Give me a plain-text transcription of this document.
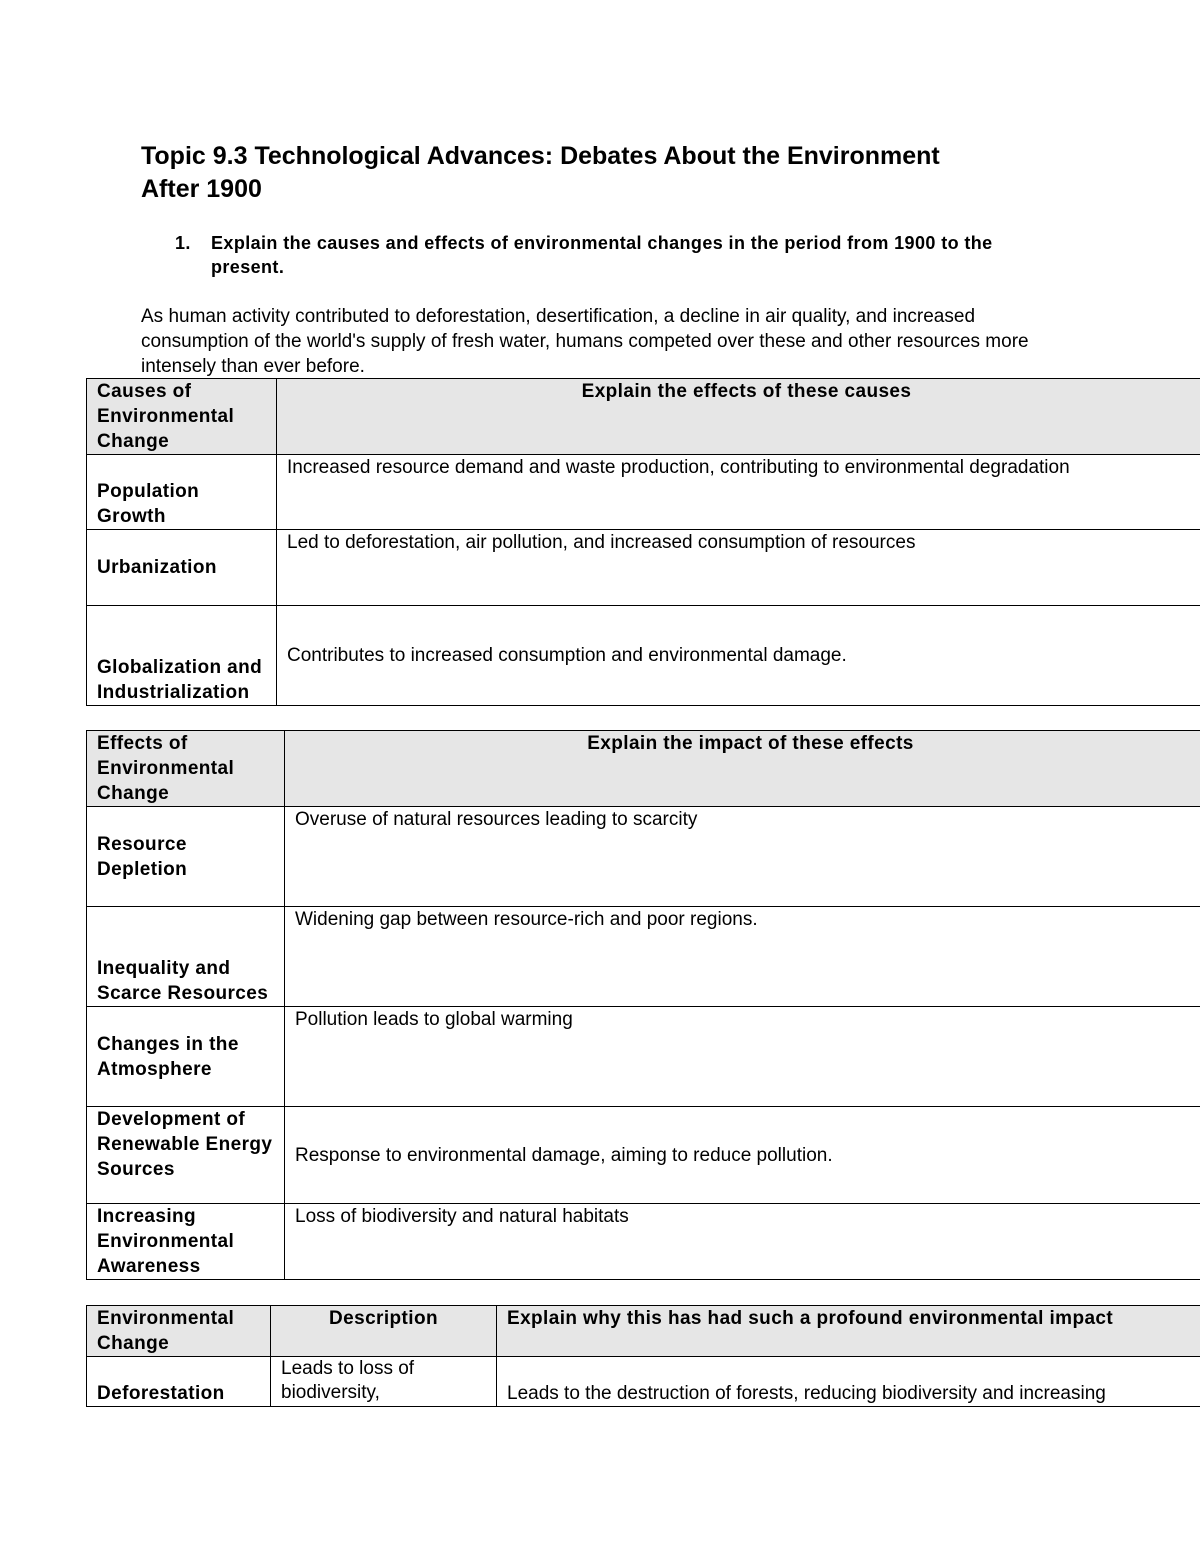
Topic 9.3 Technological Advances: Debates About the Environment
After 1900
1. Explain the causes and effects of environmental changes in the period from 1900 to the present.

As human activity contributed to deforestation, desertification, a decline in air quality, and increased consumption of the world's supply of fresh water, humans competed over these and other resources more intensely than ever before.

Causes of Environmental Change	Explain the effects of these causes
Population Growth	Increased resource demand and waste production, contributing to environmental degradation
Urbanization	Led to deforestation, air pollution, and increased consumption of resources
Globalization and Industrialization	Contributes to increased consumption and environmental damage.
Effects of Environmental Change	Explain the impact of these effects
Resource Depletion	Overuse of natural resources leading to scarcity
Inequality and Scarce Resources	Widening gap between resource-rich and poor regions.
Changes in the Atmosphere	Pollution leads to global warming
Development of Renewable Energy Sources	Response to environmental damage, aiming to reduce pollution.
Increasing Environmental Awareness	Loss of biodiversity and natural habitats
Environmental Change	Description	Explain why this has had such a profound environmental impact
Deforestation	Leads to loss of biodiversity,	Leads to the destruction of forests, reducing biodiversity and increasing
